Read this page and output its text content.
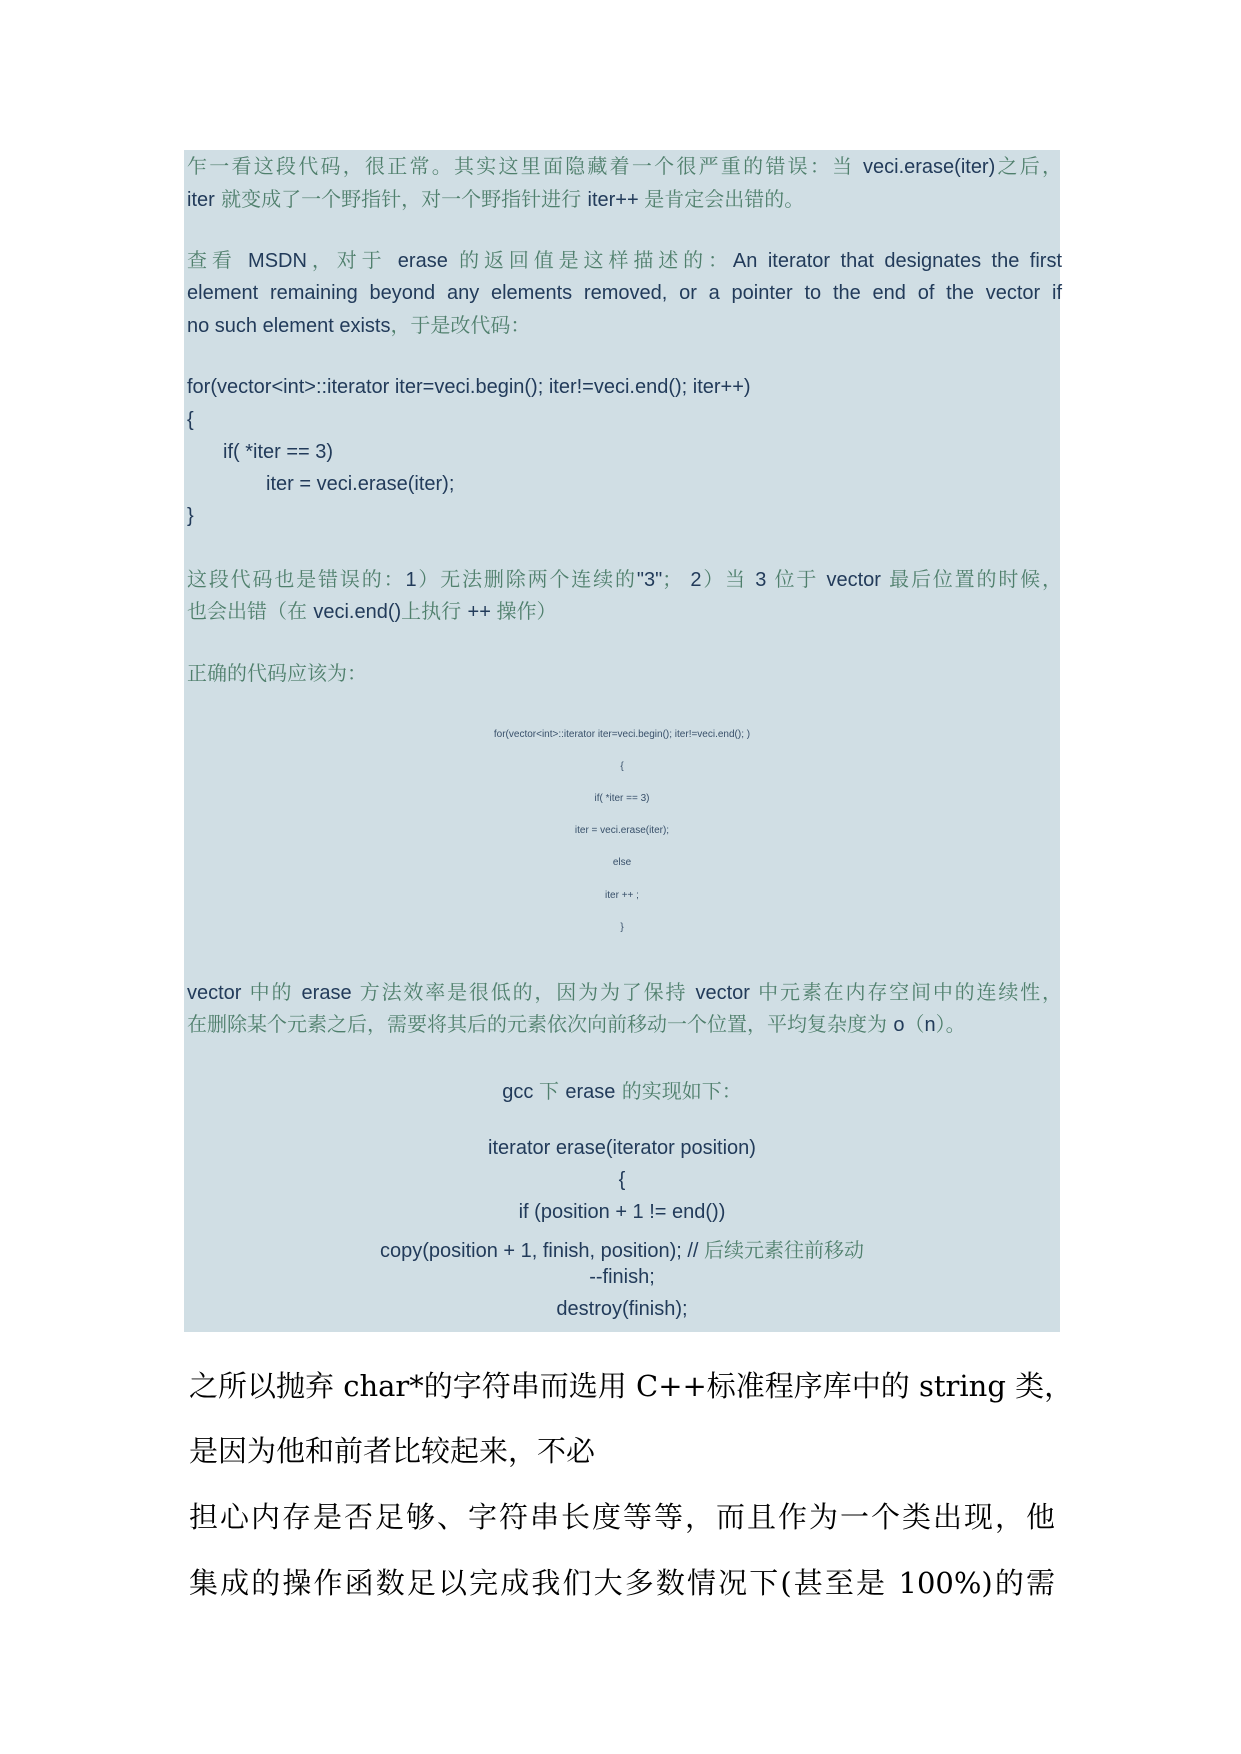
乍一看这段代码，很正常。其实这里面隐藏着一个很严重的错误：当 veci.erase(iter)之后，
iter 就变成了一个野指针，对一个野指针进行 iter++ 是肯定会出错的。
查看 MSDN，对于 erase 的返回值是这样描述的：An iterator that designates the first
element remaining beyond any elements removed, or a pointer to the end of the vector if
no such element exists，于是改代码：
for(vector<int>::iterator iter=veci.begin(); iter!=veci.end(); iter++)
{
if( *iter == 3)
iter = veci.erase(iter);
}
这段代码也是错误的：1）无法删除两个连续的"3"； 2）当 3 位于 vector 最后位置的时候，
也会出错（在 veci.end()上执行 ++ 操作）
正确的代码应该为：
for(vector<int>::iterator iter=veci.begin(); iter!=veci.end(); )
{
if( *iter == 3)
iter = veci.erase(iter);
else
iter ++ ;
}
vector 中的 erase 方法效率是很低的，因为为了保持 vector 中元素在内存空间中的连续性，
在删除某个元素之后，需要将其后的元素依次向前移动一个位置，平均复杂度为 o（n）。
gcc 下 erase 的实现如下：
iterator erase(iterator position)
{
if (position + 1 != end())
copy(position + 1, finish, position); // 后续元素往前移动
--finish;
destroy(finish);
之所以抛弃 char*的字符串而选用 C++标准程序库中的 string 类，
是因为他和前者比较起来，不必
担心内存是否足够、字符串长度等等，而且作为一个类出现，他
集成的操作函数足以完成我们大多数情况下(甚至是 100%)的需
